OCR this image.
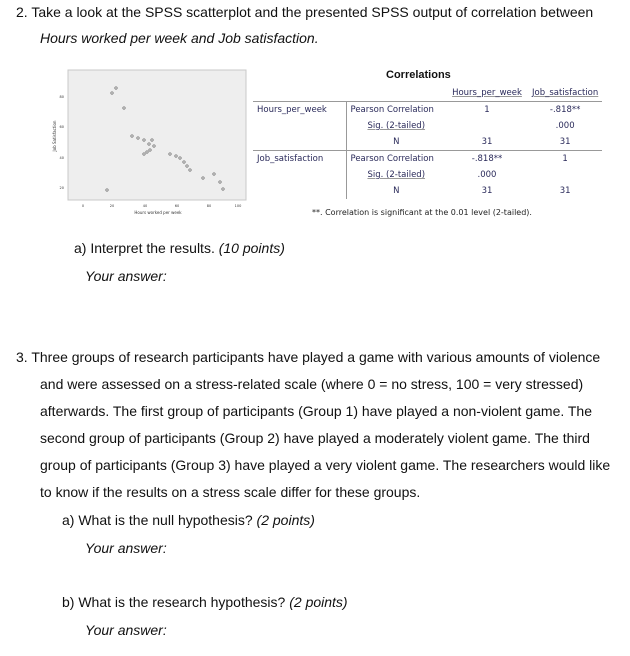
2. Take a look at the SPSS scatterplot and the presented SPSS output of correlation between
Hours worked per week and Job satisfaction.
80
60
40
20
0	20	40	60	80	100
Hours worked per week
Job Satisfaction
Correlations
		Hours_per_week	Job_satisfaction
Hours_per_week	Pearson Correlation	1	-.818**
	Sig. (2-tailed)		.000
	N	31	31
Job_satisfaction	Pearson Correlation	-.818**	1
	Sig. (2-tailed)	.000	
	N	31	31
**. Correlation is significant at the 0.01 level (2-tailed).
a) Interpret the results. (10 points)
Your answer:
3. Three groups of research participants have played a game with various amounts of violence
and were assessed on a stress-related scale (where 0 = no stress, 100 = very stressed)
afterwards. The first group of participants (Group 1) have played a non-violent game. The
second group of participants (Group 2) have played a moderately violent game. The third
group of participants (Group 3) have played a very violent game. The researchers would like
to know if the results on a stress scale differ for these groups.
a) What is the null hypothesis? (2 points)
Your answer:
b) What is the research hypothesis? (2 points)
Your answer:
